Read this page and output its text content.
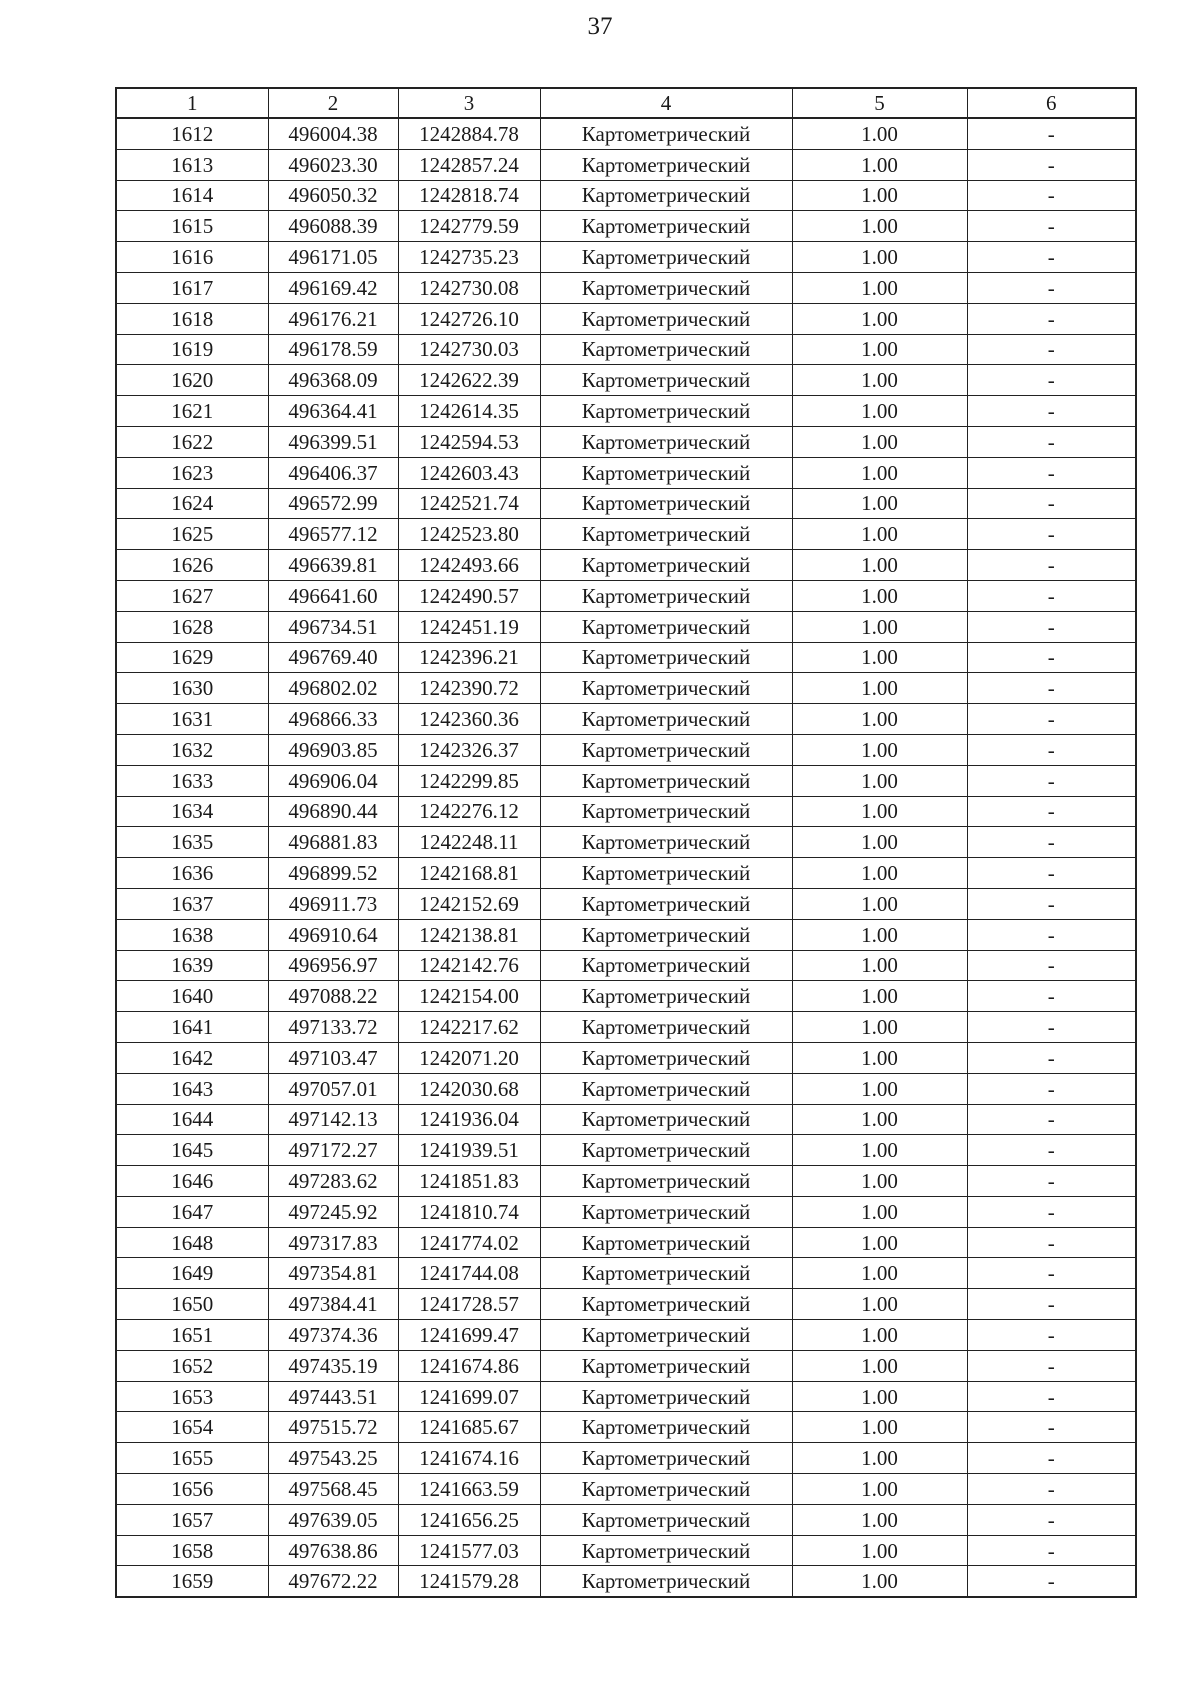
37
1	2	3	4	5	6
1612	496004.38	1242884.78	Картометрический	1.00	-
1613	496023.30	1242857.24	Картометрический	1.00	-
1614	496050.32	1242818.74	Картометрический	1.00	-
1615	496088.39	1242779.59	Картометрический	1.00	-
1616	496171.05	1242735.23	Картометрический	1.00	-
1617	496169.42	1242730.08	Картометрический	1.00	-
1618	496176.21	1242726.10	Картометрический	1.00	-
1619	496178.59	1242730.03	Картометрический	1.00	-
1620	496368.09	1242622.39	Картометрический	1.00	-
1621	496364.41	1242614.35	Картометрический	1.00	-
1622	496399.51	1242594.53	Картометрический	1.00	-
1623	496406.37	1242603.43	Картометрический	1.00	-
1624	496572.99	1242521.74	Картометрический	1.00	-
1625	496577.12	1242523.80	Картометрический	1.00	-
1626	496639.81	1242493.66	Картометрический	1.00	-
1627	496641.60	1242490.57	Картометрический	1.00	-
1628	496734.51	1242451.19	Картометрический	1.00	-
1629	496769.40	1242396.21	Картометрический	1.00	-
1630	496802.02	1242390.72	Картометрический	1.00	-
1631	496866.33	1242360.36	Картометрический	1.00	-
1632	496903.85	1242326.37	Картометрический	1.00	-
1633	496906.04	1242299.85	Картометрический	1.00	-
1634	496890.44	1242276.12	Картометрический	1.00	-
1635	496881.83	1242248.11	Картометрический	1.00	-
1636	496899.52	1242168.81	Картометрический	1.00	-
1637	496911.73	1242152.69	Картометрический	1.00	-
1638	496910.64	1242138.81	Картометрический	1.00	-
1639	496956.97	1242142.76	Картометрический	1.00	-
1640	497088.22	1242154.00	Картометрический	1.00	-
1641	497133.72	1242217.62	Картометрический	1.00	-
1642	497103.47	1242071.20	Картометрический	1.00	-
1643	497057.01	1242030.68	Картометрический	1.00	-
1644	497142.13	1241936.04	Картометрический	1.00	-
1645	497172.27	1241939.51	Картометрический	1.00	-
1646	497283.62	1241851.83	Картометрический	1.00	-
1647	497245.92	1241810.74	Картометрический	1.00	-
1648	497317.83	1241774.02	Картометрический	1.00	-
1649	497354.81	1241744.08	Картометрический	1.00	-
1650	497384.41	1241728.57	Картометрический	1.00	-
1651	497374.36	1241699.47	Картометрический	1.00	-
1652	497435.19	1241674.86	Картометрический	1.00	-
1653	497443.51	1241699.07	Картометрический	1.00	-
1654	497515.72	1241685.67	Картометрический	1.00	-
1655	497543.25	1241674.16	Картометрический	1.00	-
1656	497568.45	1241663.59	Картометрический	1.00	-
1657	497639.05	1241656.25	Картометрический	1.00	-
1658	497638.86	1241577.03	Картометрический	1.00	-
1659	497672.22	1241579.28	Картометрический	1.00	-
